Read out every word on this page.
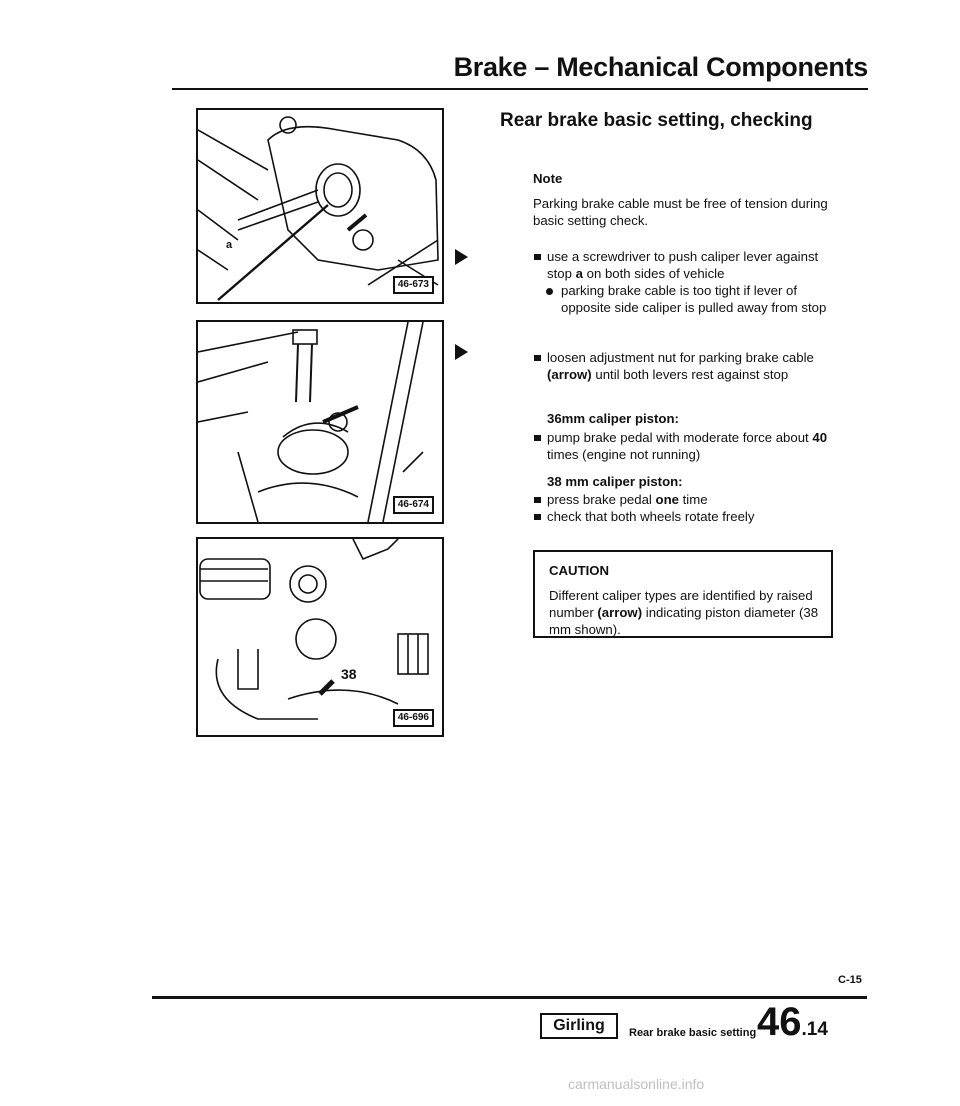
Brake – Mechanical Components
a
46-673
46-674
38
46-696
Rear brake basic setting, checking
Note
Parking brake cable must be free of tension during basic setting check.
use a screwdriver to push caliper lever against stop a on both sides of vehicle
parking brake cable is too tight if lever of opposite side caliper is pulled away from stop
loosen adjustment nut for parking brake cable (arrow) until both levers rest against stop
36mm caliper piston:
pump brake pedal with moderate force about 40 times (engine not running)
38 mm caliper piston:
press brake pedal one time
check that both wheels rotate freely
CAUTION
Different caliper types are identified by raised number (arrow) indicating piston diameter (38 mm shown).
C-15
Girling	Rear brake basic setting 46.14
carmanualsonline.info
